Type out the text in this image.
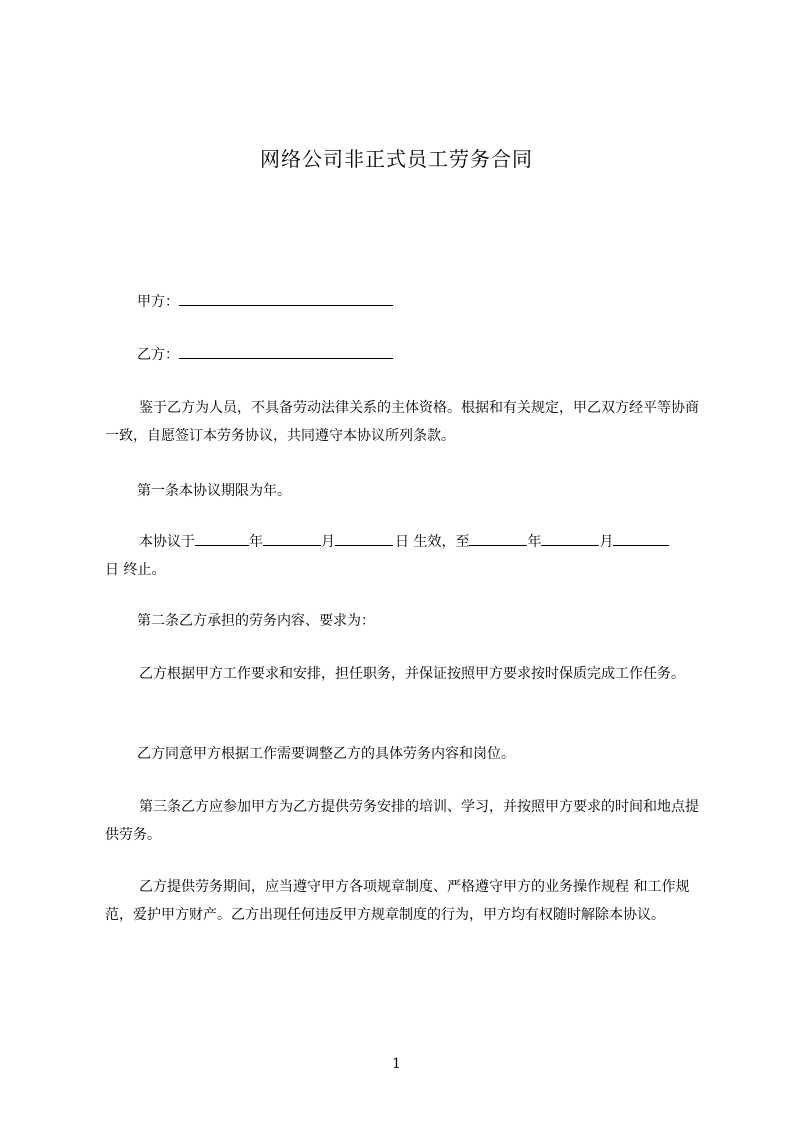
网络公司非正式员工劳务合同
甲方：
乙方：
鉴于乙方为人员，不具备劳动法律关系的主体资格。根据和有关规定，甲乙双方经平等协商一致，自愿签订本劳务协议，共同遵守本协议所列条款。
第一条本协议期限为年。
本协议于	年	月	日 生效，至	年	月
日 终止。
第二条乙方承担的劳务内容、要求为：
乙方根据甲方工作要求和安排，担任职务，并保证按照甲方要求按时保质完成工作任务。
乙方同意甲方根据工作需要调整乙方的具体劳务内容和岗位。
第三条乙方应参加甲方为乙方提供劳务安排的培训、学习，并按照甲方要求的时间和地点提供劳务。
乙方提供劳务期间，应当遵守甲方各项规章制度、严格遵守甲方的业务操作规程 和工作规范，爱护甲方财产。乙方出现任何违反甲方规章制度的行为，甲方均有权随时解除本协议。
1
